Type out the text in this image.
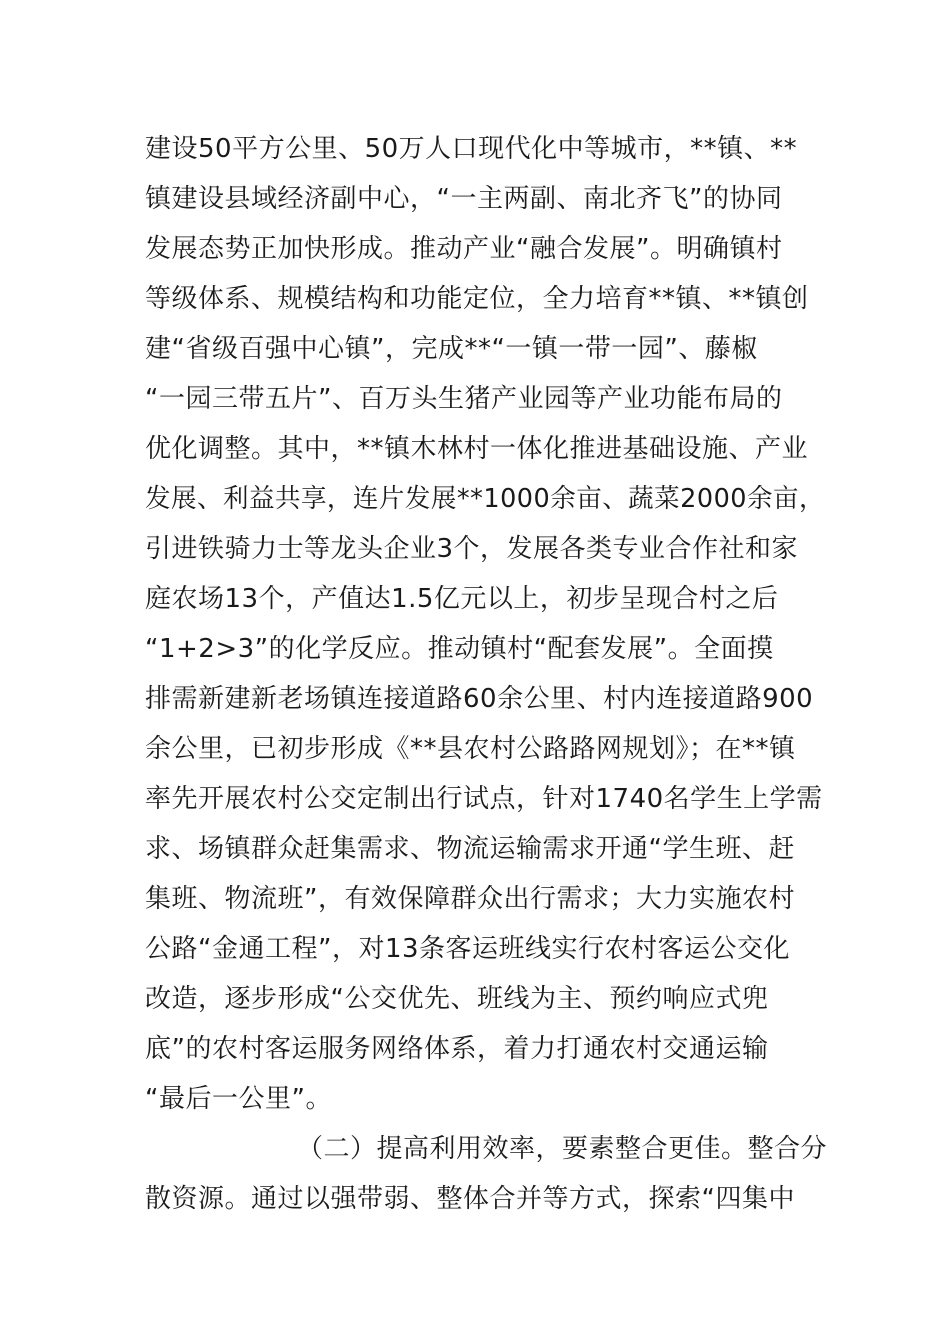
建设50平方公里、50万人口现代化中等城市，**镇、**
镇建设县域经济副中心，“一主两副、南北齐飞”的协同
发展态势正加快形成。推动产业“融合发展”。明确镇村
等级体系、规模结构和功能定位，全力培育**镇、**镇创
建“省级百强中心镇”，完成**“一镇一带一园”、藤椒
“一园三带五片”、百万头生猪产业园等产业功能布局的
优化调整。其中，**镇木林村一体化推进基础设施、产业
发展、利益共享，连片发展**1000余亩、蔬菜2000余亩，
引进铁骑力士等龙头企业3个，发展各类专业合作社和家
庭农场13个，产值达1.5亿元以上，初步呈现合村之后
“1+2>3”的化学反应。推动镇村“配套发展”。全面摸
排需新建新老场镇连接道路60余公里、村内连接道路900
余公里，已初步形成《**县农村公路路网规划》；在**镇
率先开展农村公交定制出行试点，针对1740名学生上学需
求、场镇群众赶集需求、物流运输需求开通“学生班、赶
集班、物流班”，有效保障群众出行需求；大力实施农村
公路“金通工程”，对13条客运班线实行农村客运公交化
改造，逐步形成“公交优先、班线为主、预约响应式兜
底”的农村客运服务网络体系，着力打通农村交通运输
“最后一公里”。
（二）提高利用效率，要素整合更佳。整合分
散资源。通过以强带弱、整体合并等方式，探索“四集中
